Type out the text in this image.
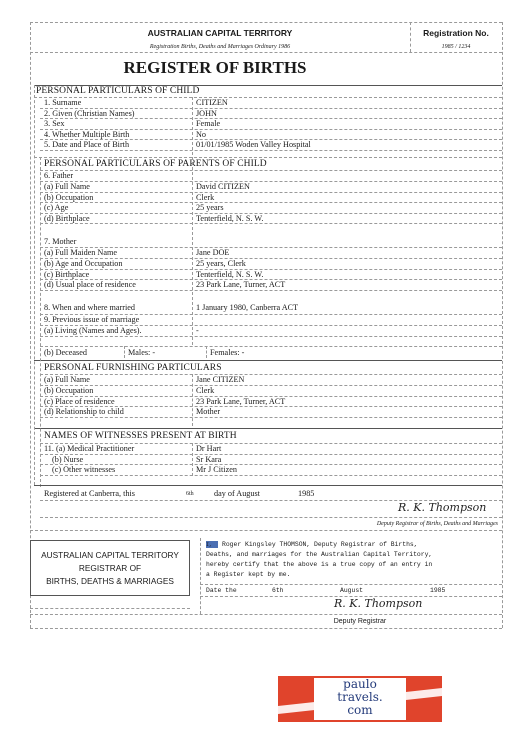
AUSTRALIAN CAPITAL TERRITORY
Registration Births, Deaths and Marriages Ordinary 1986
Registration No.
1985 / 1234
REGISTER OF BIRTHS
PERSONAL PARTICULARS OF CHILD
1. Surname	CITIZEN
2. Given (Christian Names)	JOHN
3. Sex	Female
4. Whether Multiple Birth	No
5. Date and Place of Birth	01/01/1985 Woden Valley Hospital
PERSONAL PARTICULARS OF PARENTS OF CHILD
6. Father
(a) Full Name	David CITIZEN
(b) Occupation	Clerk
(c) Age	25 years
(d) Birthplace	Tenterfield, N. S. W.
7. Mother
(a) Full Maiden Name	Jane DOE
(b) Age and Occupation	25 years, Clerk
(c) Birthplace	Tenterfield, N. S. W.
(d) Usual place of residence	23 Park Lane, Turner, ACT
8. When and where married	1 January 1980, Canberra ACT
9. Previous issue of marriage
(a) Living (Names and Ages).	-
(b) Deceased	Males: -	Females: -
PERSONAL FURNISHING PARTICULARS
(a) Full Name	Jane CITIZEN
(b) Occupation	Clerk
(c) Place of residence	23 Park Lane, Turner, ACT
(d) Relationship to child	Mother
NAMES OF WITNESSES PRESENT AT BIRTH
11. (a) Medical Practitioner	Dr Hart
(b) Nurse	Sr Kara
(c) Other witnesses	Mr J Citizen
Registered at Canberra, this	6th day of August	1985
R. K. Thompson
Deputy Registrar of Births, Deaths and Marriages
AUSTRALIAN CAPITAL TERRITORY
REGISTRAR OF
BIRTHS, DEATHS & MARRIAGES
I, Roger Kingsley THOMSON, Deputy Registrar of Births,
Deaths, and marriages for the Australian Capital Territory,
hereby certify that the above is a true copy of an entry in
a Register kept by me.
Date the	6th	August	1985
R. K. Thompson
Deputy Registrar
paulo
travels.
com
